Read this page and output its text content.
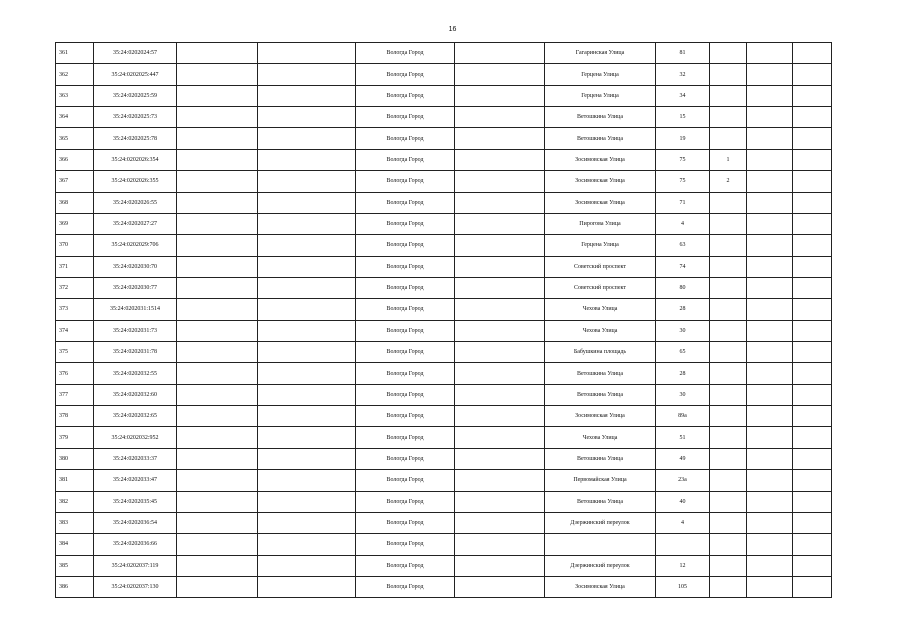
16
361	35:24:0202024:57			Вологда Город		Гагаринская Улица	81			
362	35:24:0202025:447			Вологда Город		Герцена Улица	32			
363	35:24:0202025:59			Вологда Город		Герцена Улица	34			
364	35:24:0202025:73			Вологда Город		Ветошкина Улица	15			
365	35:24:0202025:78			Вологда Город		Ветошкина Улица	19			
366	35:24:0202026:354			Вологда Город		Зосимовская Улица	75	1		
367	35:24:0202026:355			Вологда Город		Зосимовская Улица	75	2		
368	35:24:0202026:55			Вологда Город		Зосимовская Улица	71			
369	35:24:0202027:27			Вологда Город		Пирогова Улица	4			
370	35:24:0202029:706			Вологда Город		Герцена Улица	63			
371	35:24:0202030:70			Вологда Город		Советский проспект	74			
372	35:24:0202030:77			Вологда Город		Советский проспект	80			
373	35:24:0202031:1514			Вологда Город		Чехова Улица	28			
374	35:24:0202031:73			Вологда Город		Чехова Улица	30			
375	35:24:0202031:78			Вологда Город		Бабушкина площадь	65			
376	35:24:0202032:55			Вологда Город		Ветошкина Улица	28			
377	35:24:0202032:60			Вологда Город		Ветошкина Улица	30			
378	35:24:0202032:65			Вологда Город		Зосимовская Улица	89а			
379	35:24:0202032:952			Вологда Город		Чехова Улица	51			
380	35:24:0202033:37			Вологда Город		Ветошкина Улица	49			
381	35:24:0202033:47			Вологда Город		Первомайская Улица	23а			
382	35:24:0202035:45			Вологда Город		Ветошкина Улица	40			
383	35:24:0202036:54			Вологда Город		Дзержинский переулок	4			
384	35:24:0202036:66			Вологда Город						
385	35:24:0202037:119			Вологда Город		Дзержинский переулок	12			
386	35:24:0202037:130			Вологда Город		Зосимовская Улица	105			
